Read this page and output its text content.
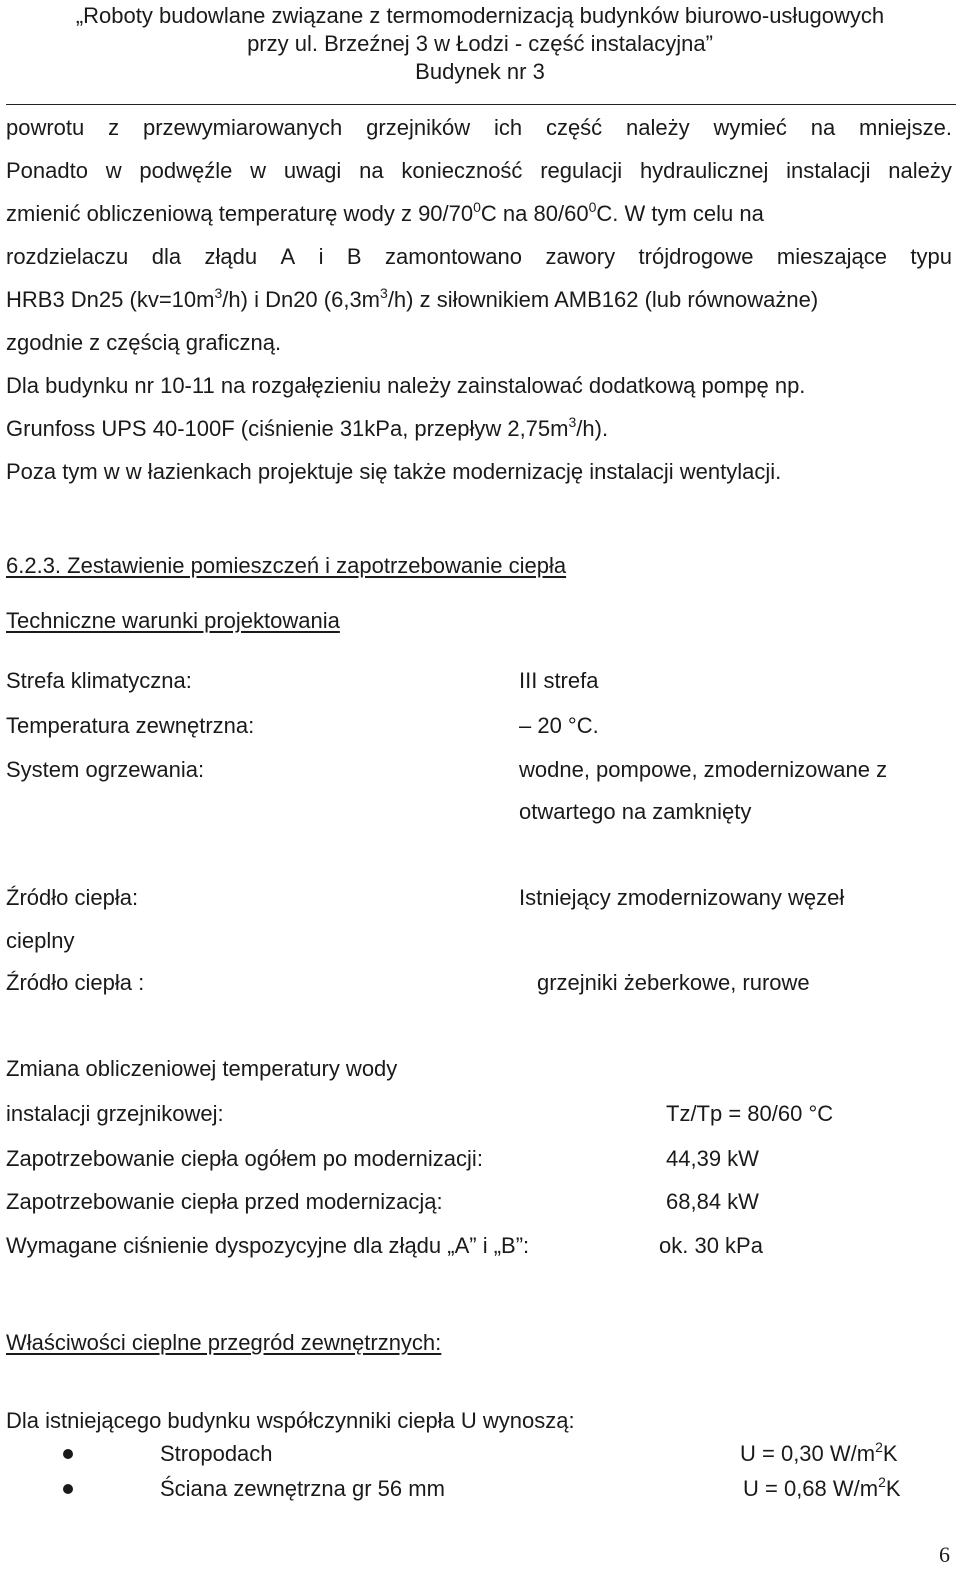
„Roboty budowlane związane z termomodernizacją budynków biurowo-usługowych
przy ul. Brzeźnej 3 w Łodzi - część instalacyjna”
Budynek nr 3
powrotu z przewymiarowanych grzejników ich część należy wymieć na mniejsze.
Ponadto w podwęźle w uwagi na konieczność regulacji hydraulicznej instalacji należy
zmienić obliczeniową temperaturę wody z $90/70^0C$ na $80/60^0C$. W tym celu na
rozdzielaczu dla złądu A i B zamontowano zawory trójdrogowe mieszające typu
HRB3 Dn25 $(kv=10m^3/h)$ i Dn20 $(6,3m^3/h)$ z siłownikiem AMB162 (lub równoważne)
zgodnie z częścią graficzną.
Dla budynku nr 10-11 na rozgałęzieniu należy zainstalować dodatkową pompę np.
Grunfoss UPS 40-100F (ciśnienie 31kPa, przepływ $2,75m^3/h$).
Poza tym w w łazienkach projektuje się także modernizację instalacji wentylacji.
6.2.3. Zestawienie pomieszczeń i zapotrzebowanie ciepła
Techniczne warunki projektowania
Strefa klimatyczna:	III strefa
Temperatura zewnętrzna:	– 20 °C.
System ogrzewania:	wodne, pompowe, zmodernizowane z
otwartego na zamknięty
Źródło ciepła:	Istniejący zmodernizowany węzeł
cieplny
Źródło ciepła :	grzejniki żeberkowe, rurowe
Zmiana obliczeniowej temperatury wody
instalacji grzejnikowej:	Tz/Tp = 80/60 °C
Zapotrzebowanie ciepła ogółem po modernizacji:	44,39 kW
Zapotrzebowanie ciepła przed modernizacją:	68,84 kW
Wymagane ciśnienie dyspozycyjne dla złądu „A” i „B”:	ok. 30 kPa
Właściwości cieplne przegród zewnętrznych:
Dla istniejącego budynku współczynniki ciepła U wynoszą:
Stropodach	U = 0,30 $W/m^2K$
Ściana zewnętrzna gr 56 mm	U = 0,68 $W/m^2K$
6
